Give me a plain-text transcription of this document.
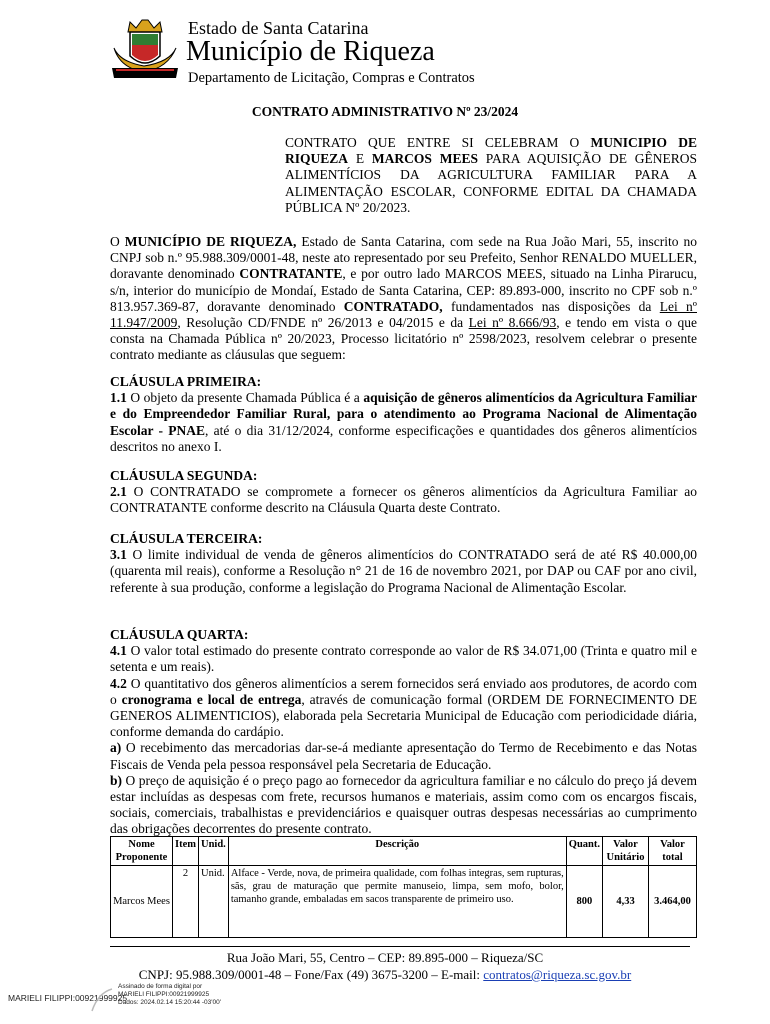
Estado de Santa Catarina
Município de Riqueza
Departamento de Licitação, Compras e Contratos
CONTRATO ADMINISTRATIVO Nº 23/2024
CONTRATO QUE ENTRE SI CELEBRAM O MUNICIPIO DE RIQUEZA E MARCOS MEES PARA AQUISIÇÃO DE GÊNEROS ALIMENTÍCIOS DA AGRICULTURA FAMILIAR PARA A ALIMENTAÇÃO ESCOLAR, CONFORME EDITAL DA CHAMADA PÚBLICA Nº 20/2023.
O MUNICÍPIO DE RIQUEZA, Estado de Santa Catarina, com sede na Rua João Mari, 55, inscrito no CNPJ sob n.º 95.988.309/0001-48, neste ato representado por seu Prefeito, Senhor RENALDO MUELLER, doravante denominado CONTRATANTE, e por outro lado MARCOS MEES, situado na Linha Pirarucu, s/n, interior do município de Mondaí, Estado de Santa Catarina, CEP: 89.893-000, inscrito no CPF sob n.º 813.957.369-87, doravante denominado CONTRATADO, fundamentados nas disposições da Lei nº 11.947/2009, Resolução CD/FNDE nº 26/2013 e 04/2015 e da Lei nº 8.666/93, e tendo em vista o que consta na Chamada Pública nº 20/2023, Processo licitatório nº 2598/2023, resolvem celebrar o presente contrato mediante as cláusulas que seguem:

CLÁUSULA PRIMEIRA:

1.1 O objeto da presente Chamada Pública é a aquisição de gêneros alimentícios da Agricultura Familiar e do Empreendedor Familiar Rural, para o atendimento ao Programa Nacional de Alimentação Escolar - PNAE, até o dia 31/12/2024, conforme especificações e quantidades dos gêneros alimentícios descritos no anexo I.

CLÁUSULA SEGUNDA:

2.1 O CONTRATADO se compromete a fornecer os gêneros alimentícios da Agricultura Familiar ao CONTRATANTE conforme descrito na Cláusula Quarta deste Contrato.

CLÁUSULA TERCEIRA:

3.1 O limite individual de venda de gêneros alimentícios do CONTRATADO será de até R$ 40.000,00 (quarenta mil reais), conforme a Resolução n° 21 de 16 de novembro 2021, por DAP ou CAF por ano civil, referente à sua produção, conforme a legislação do Programa Nacional de Alimentação Escolar.

CLÁUSULA QUARTA:

4.1 O valor total estimado do presente contrato corresponde ao valor de R$ 34.071,00 (Trinta e quatro mil e setenta e um reais).

4.2 O quantitativo dos gêneros alimentícios a serem fornecidos será enviado aos produtores, de acordo com o cronograma e local de entrega, através de comunicação formal (ORDEM DE FORNECIMENTO DE GENEROS ALIMENTICIOS), elaborada pela Secretaria Municipal de Educação com periodicidade diária, conforme demanda do cardápio.

a) O recebimento das mercadorias dar-se-á mediante apresentação do Termo de Recebimento e das Notas Fiscais de Venda pela pessoa responsável pela Secretaria de Educação.

b) O preço de aquisição é o preço pago ao fornecedor da agricultura familiar e no cálculo do preço já devem estar incluídas as despesas com frete, recursos humanos e materiais, assim como com os encargos fiscais, sociais, comerciais, trabalhistas e previdenciários e quaisquer outras despesas necessárias ao cumprimento das obrigações decorrentes do presente contrato.

Nome Proponente	Item	Unid.	Descrição	Quant.	Valor Unitário	Valor total
Marcos Mees	2	Unid.	Alface - Verde, nova, de primeira qualidade, com folhas integras, sem rupturas, sãs, grau de maturação que permite manuseio, limpa, sem mofo, bolor, tamanho grande, embaladas em sacos transparente de primeiro uso.	800	4,33	3.464,00
Rua João Mari, 55, Centro – CEP: 89.895-000 – Riqueza/SC
CNPJ: 95.988.309/0001-48 – Fone/Fax (49) 3675-3200 – E-mail: contratos@riqueza.sc.gov.br
MARIELI FILIPPI:00921999925
Assinado de forma digital por
MARIELI FILIPPI:00921999925
Dados: 2024.02.14 15:20:44 -03'00'
